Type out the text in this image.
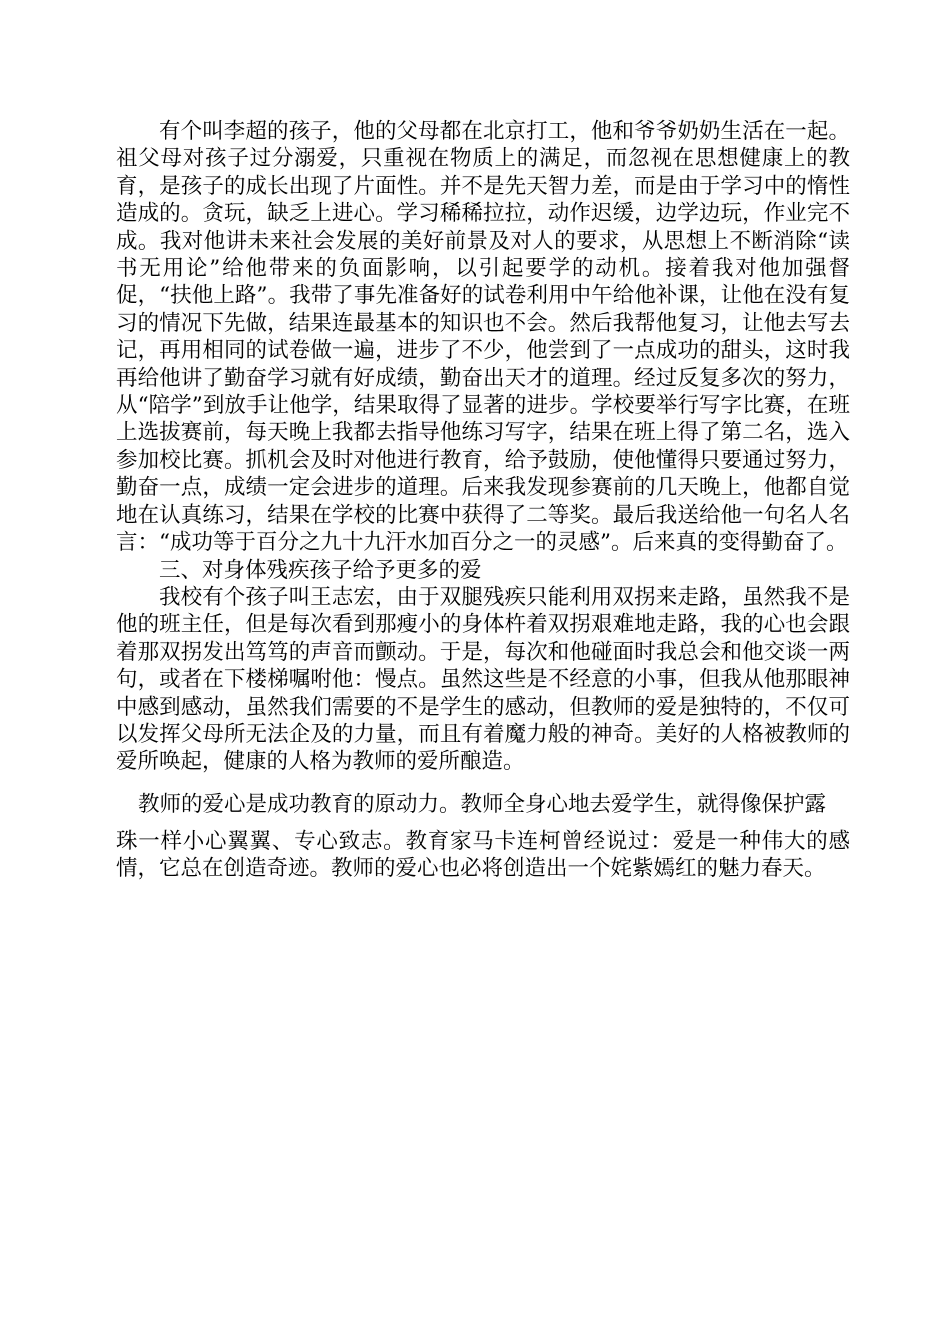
有个叫李超的孩子，他的父母都在北京打工，他和爷爷奶奶生活在一起。祖父母对孩子过分溺爱，只重视在物质上的满足，而忽视在思想健康上的教育，是孩子的成长出现了片面性。并不是先天智力差，而是由于学习中的惰性造成的。贪玩，缺乏上进心。学习稀稀拉拉，动作迟缓，边学边玩，作业完不成。我对他讲未来社会发展的美好前景及对人的要求，从思想上不断消除“读书无用论”给他带来的负面影响，以引起要学的动机。接着我对他加强督促，“扶他上路”。我带了事先准备好的试卷利用中午给他补课，让他在没有复习的情况下先做，结果连最基本的知识也不会。然后我帮他复习，让他去写去记，再用相同的试卷做一遍，进步了不少，他尝到了一点成功的甜头，这时我再给他讲了勤奋学习就有好成绩，勤奋出天才的道理。经过反复多次的努力，从“陪学”到放手让他学，结果取得了显著的进步。学校要举行写字比赛，在班上选拔赛前，每天晚上我都去指导他练习写字，结果在班上得了第二名，选入参加校比赛。抓机会及时对他进行教育，给予鼓励，使他懂得只要通过努力，勤奋一点，成绩一定会进步的道理。后来我发现参赛前的几天晚上，他都自觉地在认真练习，结果在学校的比赛中获得了二等奖。最后我送给他一句名人名言：“成功等于百分之九十九汗水加百分之一的灵感”。后来真的变得勤奋了。

三、对身体残疾孩子给予更多的爱

我校有个孩子叫王志宏，由于双腿残疾只能利用双拐来走路，虽然我不是他的班主任，但是每次看到那瘦小的身体杵着双拐艰难地走路，我的心也会跟着那双拐发出笃笃的声音而颤动。于是，每次和他碰面时我总会和他交谈一两句，或者在下楼梯嘱咐他：慢点。虽然这些是不经意的小事，但我从他那眼神中感到感动，虽然我们需要的不是学生的感动，但教师的爱是独特的，不仅可以发挥父母所无法企及的力量，而且有着魔力般的神奇。美好的人格被教师的爱所唤起，健康的人格为教师的爱所酿造。

教师的爱心是成功教育的原动力。教师全身心地去爱学生，就得像保护露
珠一样小心翼翼、专心致志。教育家马卡连柯曾经说过：爱是一种伟大的感情，它总在创造奇迹。教师的爱心也必将创造出一个姹紫嫣红的魅力春天。
